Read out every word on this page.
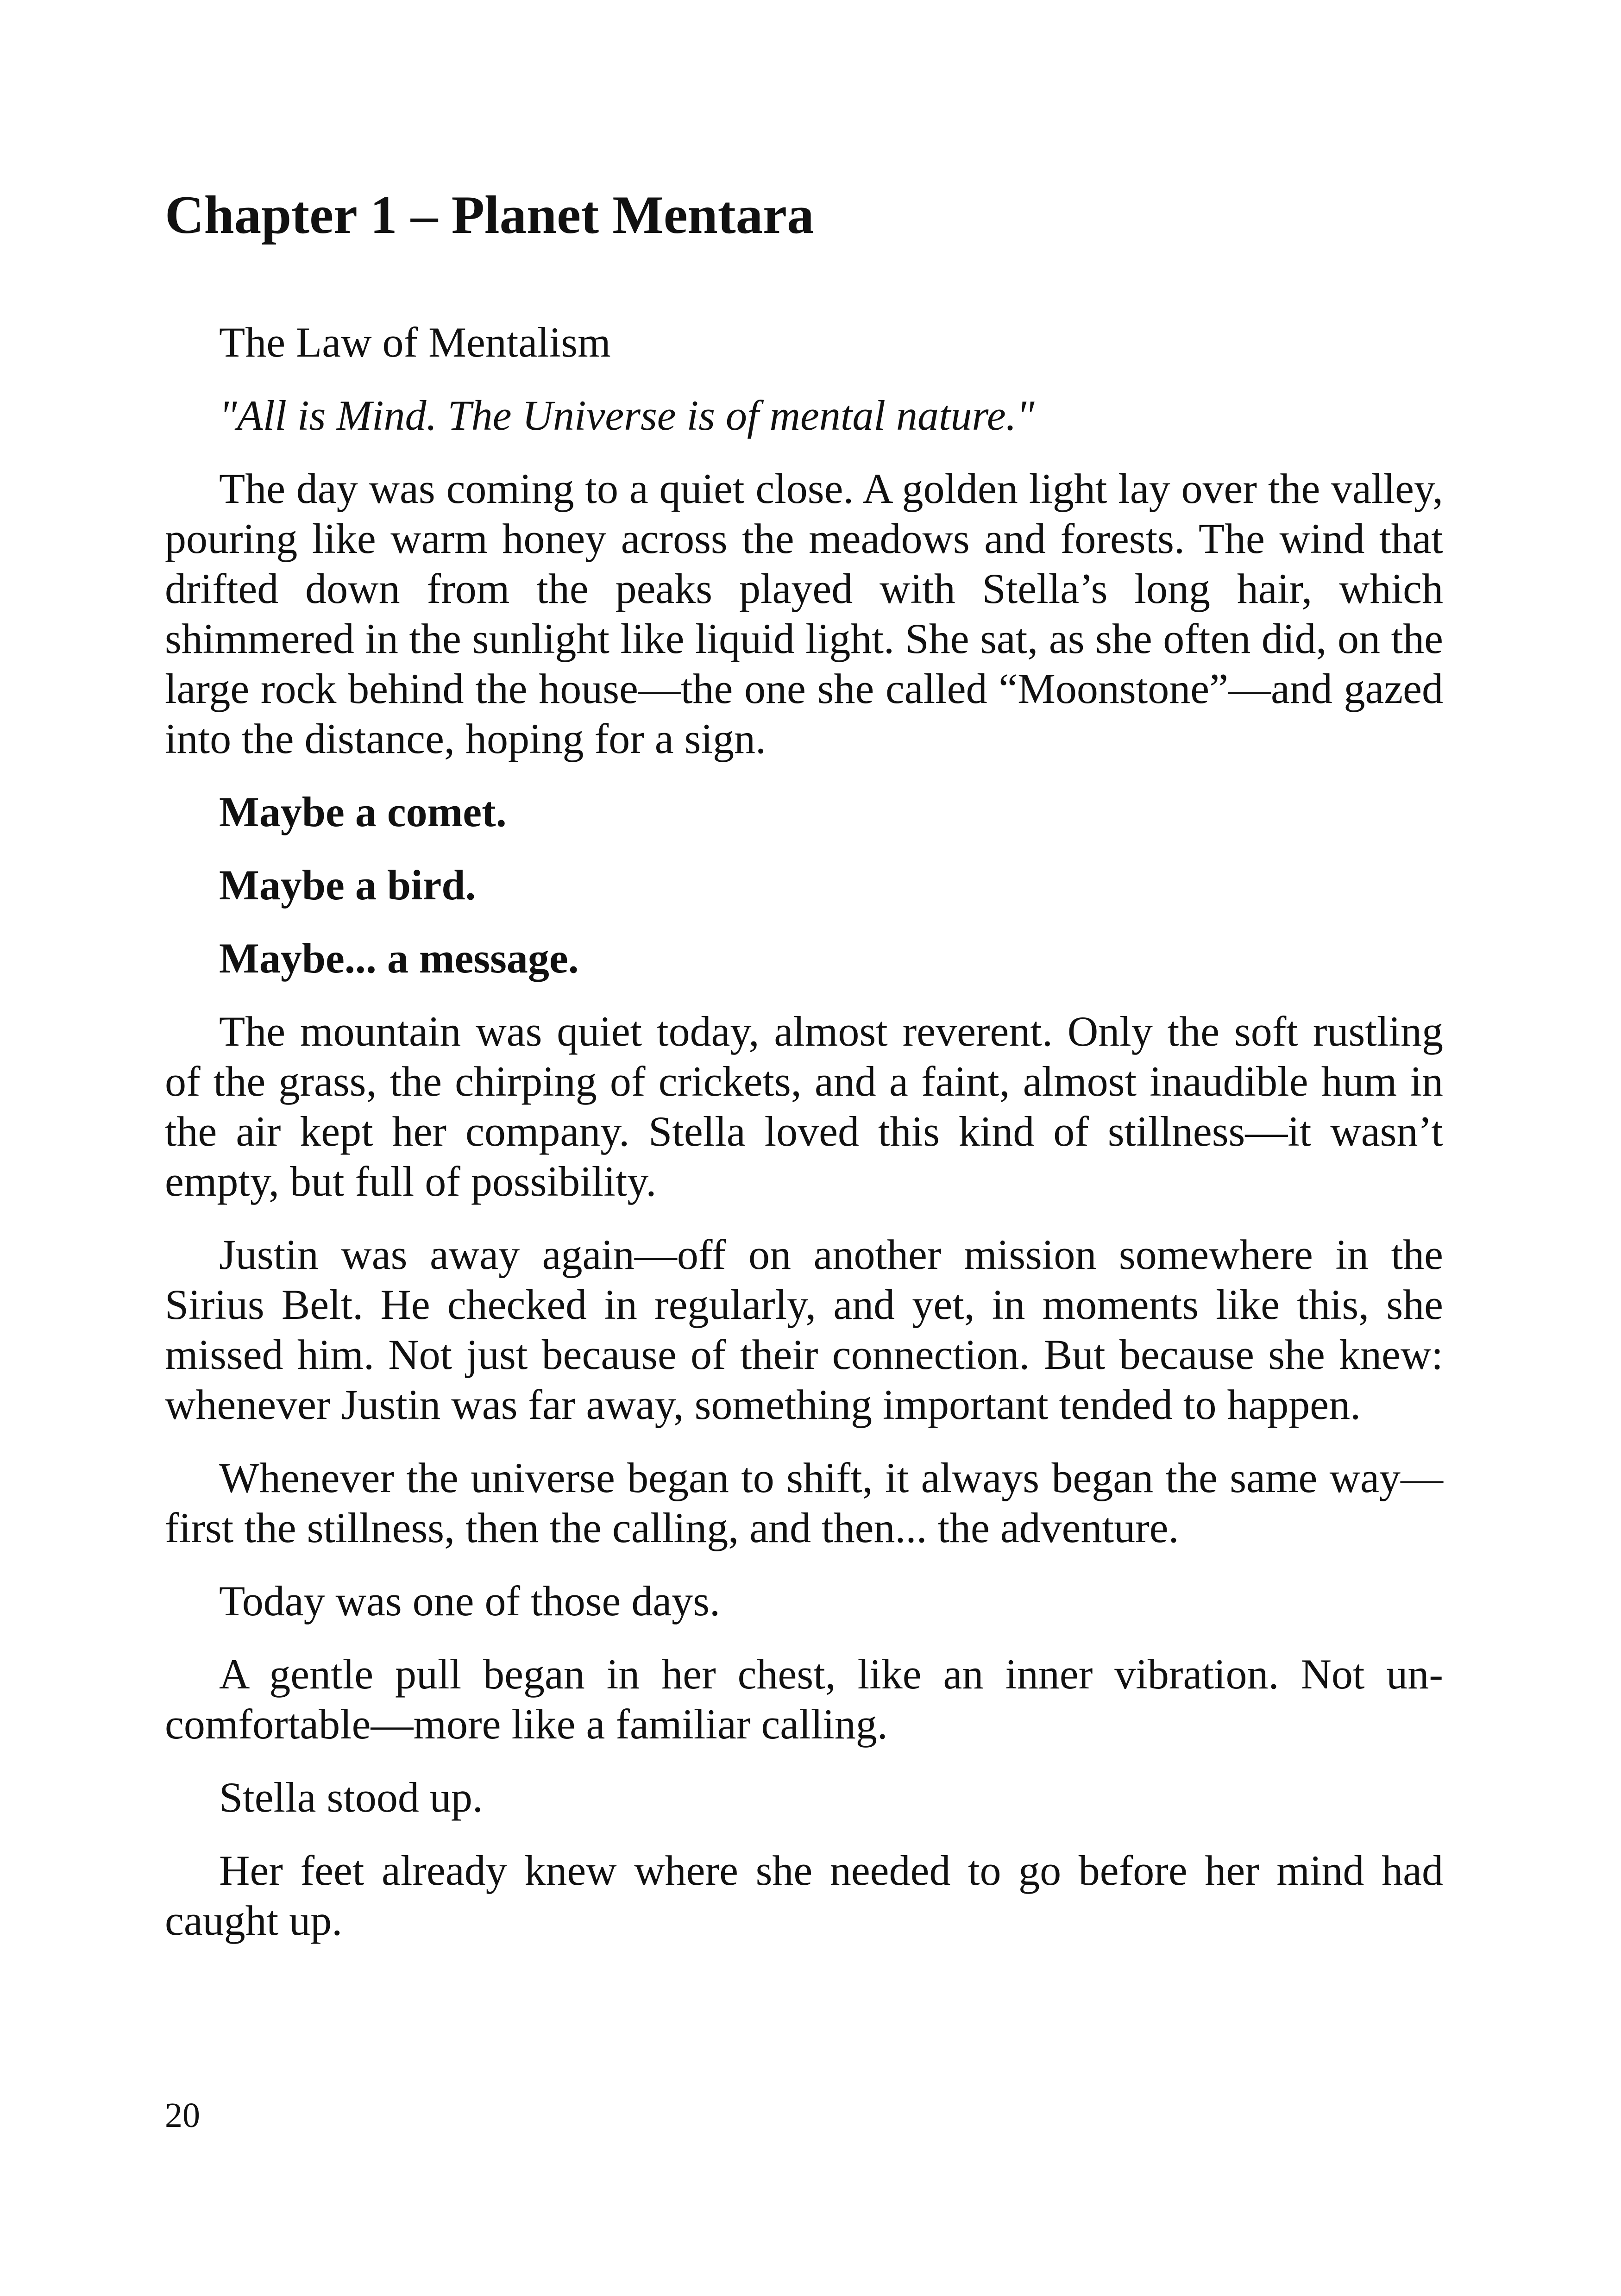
Chapter 1 – Planet Mentara

The Law of Mentalism

"All is Mind. The Universe is of mental nature."

The day was coming to a quiet close. A golden light lay over the valley, pouring like warm honey across the meadows and forests. The wind that drifted down from the peaks played with Stella’s long hair, which shimmered in the sunlight like liquid light. She sat, as she often did, on the large rock behind the house—the one she called “Moonstone”—and gazed into the distance, hoping for a sign.

Maybe a comet.

Maybe a bird.

Maybe... a message.

The mountain was quiet today, almost reverent. Only the soft rustling of the grass, the chirping of crickets, and a faint, almost inaudible hum in the air kept her company. Stella loved this kind of stillness—it wasn’t empty, but full of possibility.

Justin was away again—off on another mission somewhere in the Sirius Belt. He checked in regularly, and yet, in moments like this, she missed him. Not just because of their connection. But because she knew: whenever Justin was far away, something important tended to happen.

Whenever the universe began to shift, it always began the same way—first the stillness, then the calling, and then... the adventure.

Today was one of those days.

A gentle pull began in her chest, like an inner vibration. Not uncomfortable—more like a familiar calling.

Stella stood up.

Her feet already knew where she needed to go before her mind had caught up.

20
